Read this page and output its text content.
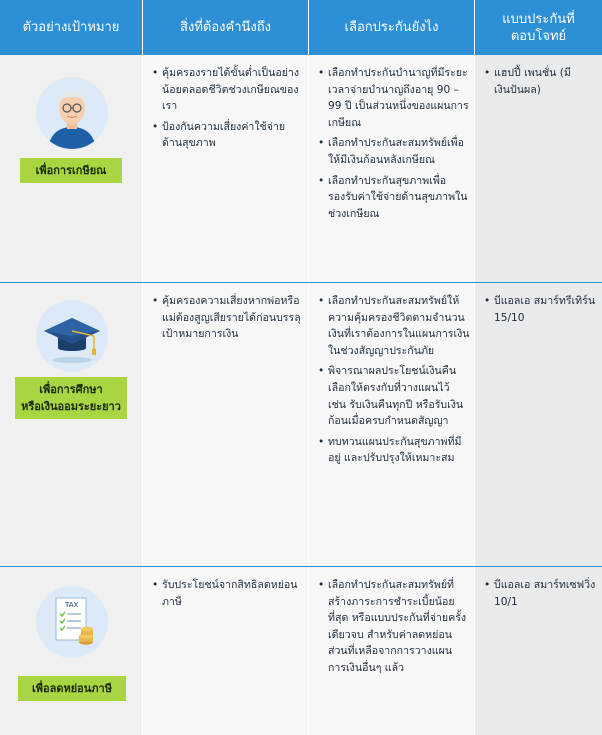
ตัวอย่างเป้าหมาย	สิ่งที่ต้องคำนึงถึง	เลือกประกันยังไง
แบบประกันที่ตอบโจทย์
เพื่อการเกษียณ
• คุ้มครองรายได้ขั้นต่ำเป็นอย่างน้อยตลอดชีวิตช่วงเกษียณของเรา
• ป้องกันความเสี่ยงค่าใช้จ่ายด้านสุขภาพ
• เลือกทำประกันบำนาญที่มีระยะเวลาจ่ายบำนาญถึงอายุ 90 – 99 ปี เป็นส่วนหนึ่งของแผนการเกษียณ
• เลือกทำประกันสะสมทรัพย์เพื่อให้มีเงินก้อนหลังเกษียณ
• เลือกทำประกันสุขภาพเพื่อรองรับค่าใช้จ่ายด้านสุขภาพในช่วงเกษียณ
• แฮปปี้ เพนชั่น (มีเงินปันผล)
เพื่อการศึกษา
หรือเงินออมระยะยาว
• คุ้มครองความเสี่ยงหากพ่อหรือแม่ต้องสูญเสียรายได้ก่อนบรรลุเป้าหมายการเงิน
• เลือกทำประกันสะสมทรัพย์ให้ความคุ้มครองชีวิตตามจำนวนเงินที่เราต้องการในแผนการเงินในช่วงสัญญาประกันภัย
• พิจารณาผลประโยชน์เงินคืน เลือกให้ตรงกับที่วางแผนไว้ เช่น รับเงินคืนทุกปี หรือรับเงินก้อนเมื่อครบกำหนดสัญญา
• ทบทวนแผนประกันสุขภาพที่มีอยู่ และปรับปรุงให้เหมาะสม
• บีแอลเอ สมาร์ทรีเทิร์น 15/10
TAX
เพื่อลดหย่อนภาษี
• รับประโยชน์จากสิทธิลดหย่อนภาษี
• เลือกทำประกันสะสมทรัพย์ที่สร้างภาระการชำระเบี้ยน้อยที่สุด หรือแบบประกันที่จ่ายครั้งเดียวจบ สำหรับค่าลดหย่อนส่วนที่เหลือจากการวางแผนการเงินอื่นๆ แล้ว
• บีแอลเอ สมาร์ทเซฟวิ่ง 10/1
